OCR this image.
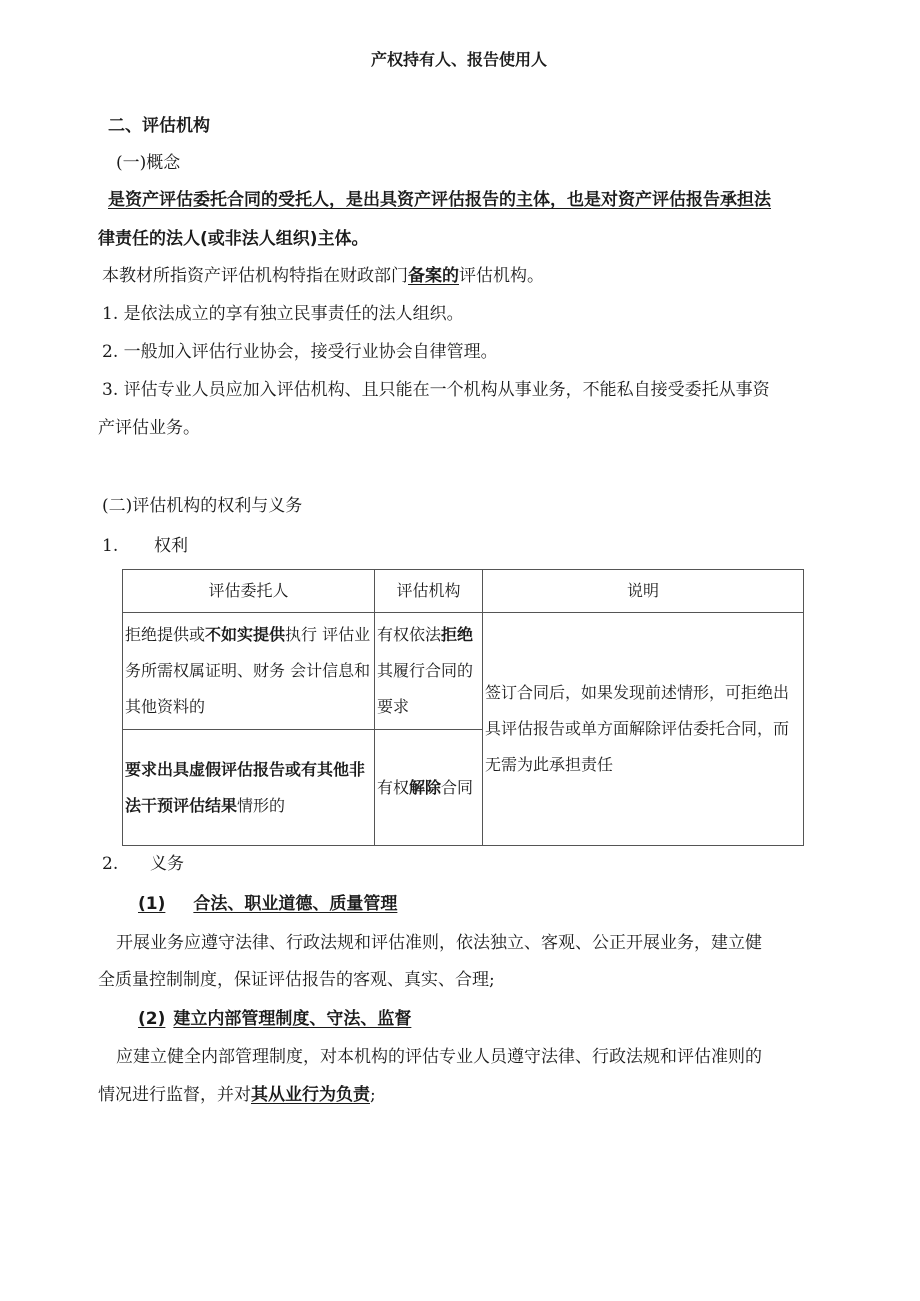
产权持有人、报告使用人
二、评估机构
(一)概念
是资产评估委托合同的受托人，是出具资产评估报告的主体，也是对资产评估报告承担法
律责任的法人(或非法人组织)主体。
本教材所指资产评估机构特指在财政部门备案的评估机构。
1. 是依法成立的享有独立民事责任的法人组织。
2. 一般加入评估行业协会，接受行业协会自律管理。
3. 评估专业人员应加入评估机构、且只能在一个机构从事业务，不能私自接受委托从事资
产评估业务。
(二)评估机构的权利与义务
1. 权利
评估委托人	评估机构	说明

拒绝提供或不如实提供执行 评估业务所需权属证明、财务 会计信息和其他资料的	有权依法拒绝其履行合同的要求	签订合同后，如果发现前述情形，可拒绝出具评估报告或单方面解除评估委托合同，而无需为此承担责任

要求出具虚假评估报告或有其他非法干预评估结果情形的	有权解除合同	
2. 义务
(1) 合法、职业道德、质量管理
开展业务应遵守法律、行政法规和评估准则，依法独立、客观、公正开展业务，建立健
全质量控制制度，保证评估报告的客观、真实、合理;
(2) 建立内部管理制度、守法、监督
应建立健全内部管理制度，对本机构的评估专业人员遵守法律、行政法规和评估准则的
情况进行监督，并对其从业行为负责;
